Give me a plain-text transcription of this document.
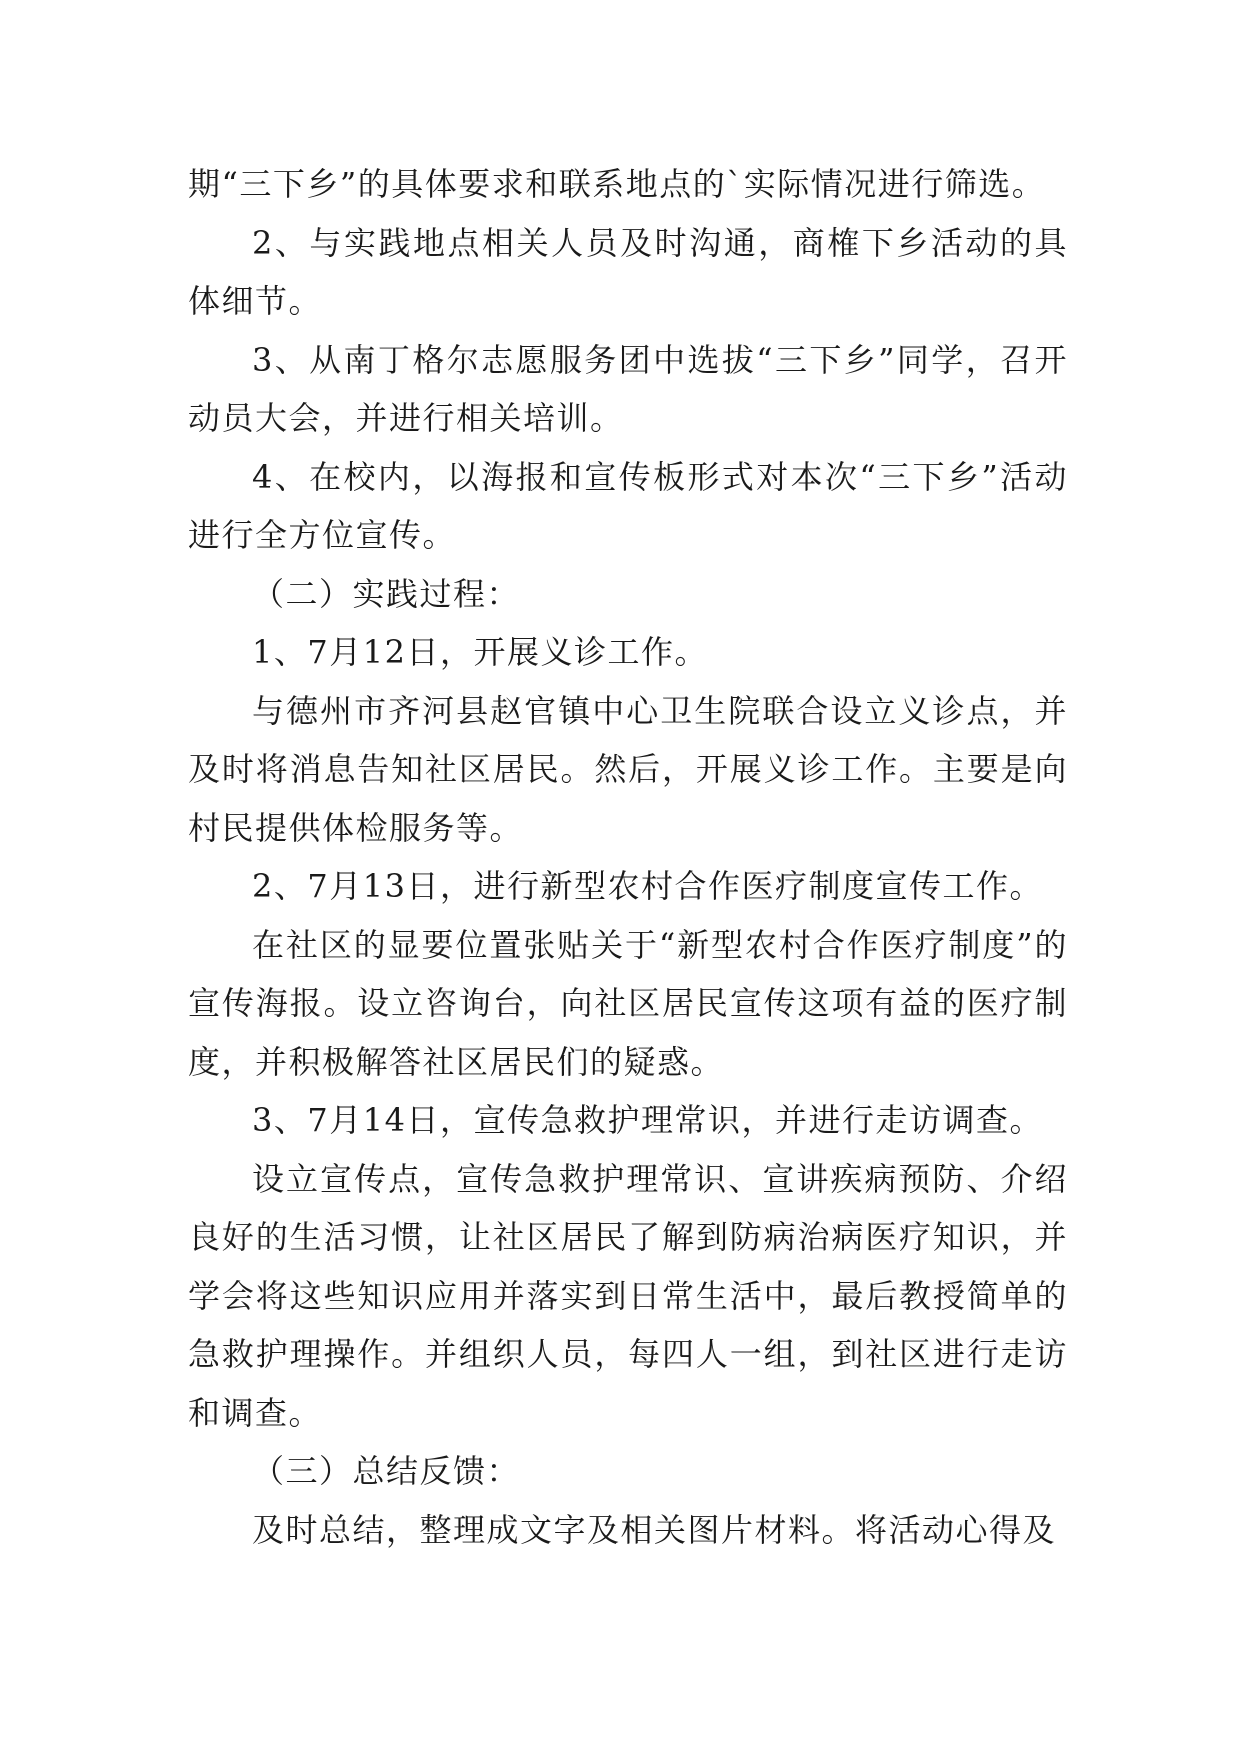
期“三下乡”的具体要求和联系地点的`实际情况进行筛选。

2、与实践地点相关人员及时沟通，商榷下乡活动的具体细节。

3、从南丁格尔志愿服务团中选拔“三下乡”同学，召开动员大会，并进行相关培训。

4、在校内，以海报和宣传板形式对本次“三下乡”活动进行全方位宣传。

（二）实践过程：

1、7月12日，开展义诊工作。

与德州市齐河县赵官镇中心卫生院联合设立义诊点，并及时将消息告知社区居民。然后，开展义诊工作。主要是向村民提供体检服务等。

2、7月13日，进行新型农村合作医疗制度宣传工作。

在社区的显要位置张贴关于“新型农村合作医疗制度”的宣传海报。设立咨询台，向社区居民宣传这项有益的医疗制度，并积极解答社区居民们的疑惑。

3、7月14日，宣传急救护理常识，并进行走访调查。

设立宣传点，宣传急救护理常识、宣讲疾病预防、介绍良好的生活习惯，让社区居民了解到防病治病医疗知识，并学会将这些知识应用并落实到日常生活中，最后教授简单的急救护理操作。并组织人员，每四人一组，到社区进行走访和调查。

（三）总结反馈：

及时总结，整理成文字及相关图片材料。将活动心得及
